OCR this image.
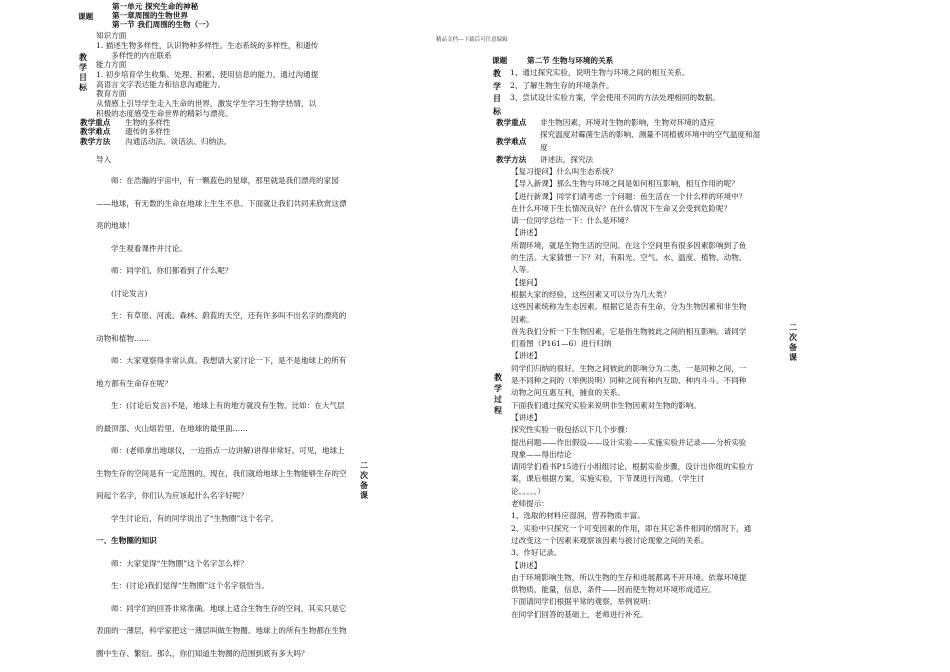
精品文档---下载后可任意编辑
课题
第一单元 探究生命的神秘
第一章周围的生物世界
第一节 我们周围的生物（一）
教学目标
知识方面
1. 描述生物多样性，认识物种多样性。生态系统的多样性，和遗传
多样性的内在联系
能力方面
1. 初步培育学生收集、处理、积累、使用信息的能力，通过沟通提
高语言文字表达能力和信息沟通能力。
教育方面
从情感上引导学生走入生命的世界，激发学生学习生物学热情，以
积极的态度感受生命世界的精彩与漂亮。
教学重点 生物的多样性
教学难点 遗传的多样性
教学方法 沟通活动法、谈话法、归纳法。
导入

师：在浩瀚的宇宙中，有一颗蓝色的星球，那里就是我们漂亮的家园——地球，有无数的生命在地球上生生不息。下面就让我们共同来欣赏这漂亮的地球！

学生观看课件并讨论。

师：同学们，你们都看到了什么呢？

(讨论发言)

生：有草原、河流、森林、蔚蓝的天空，还有许多叫不出名字的漂亮的动物和植物……

师：大家观察得非常认真。我想请大家讨论一下，是不是地球上的所有地方都有生命存在呢？

生：(讨论后发言)不是，地球上有的地方就没有生物。比如：在大气层的最顶部、火山熔岩里、在地球的最里面……

师：(老师拿出地球仪，一边指点一边讲解)讲得非常好。可见，地球上生物生存的空间是有一定范围的。现在，我们就给地球上生物能够生存的空间起个名字，你们认为应该起什么名字好呢？

学生讨论后，有的同学说出了“生物圈”这个名字。

一、生物圈的知识

师：大家觉得“生物圈”这个名字怎么样？

生：(讨论)我们觉得“生物圈”这个名字很恰当。

师：同学们的回答非常准确。地球上适合生物生存的空间，其实只是它表面的一薄层，科学家把这一薄层叫做生物圈。地球上的所有生物都在生物圈中生存、繁衍。那么，你们知道生物圈的范围到底有多大吗？

二次备课
课题	第二节 生物与环境的关系
教学目标
1、通过探究实验，说明生物与环境之间的相互关系。
2、了解生物生存的环境条件。
3、尝试设计实验方案，学会使用不同的方法处理相同的数据。
教学重点 非生物因素，环境对生物的影响，生物对环境的适应
教学难点
探究温度对霉菌生活的影响、测量不同植被环境中的空气温度和湿
度
教学方法 讲述法，探究法
教学过程
【复习提问】什么叫生态系统？
【导入新课】那么生物与环境之间是如何相互影响，相互作用的呢？
【进行新课】同学们请考虑一个问题：鱼生活在一个什么样的环境中？
在什么环境下生长情况良好？在什么情况下生命又会受到危险呢？
请一位同学总结一下：什么是环境？
【讲述】
所谓环境，就是生物生活的空间。在这个空间里有很多因素影响到了鱼
的生活。大家猜想一下？对，有阳光、空气、水、温度、植物、动物、
人等。
【提问】
根据大家的经验，这些因素又可以分为几大类？
这些因素统称为生态因素。根据它是否有生命，分为生物因素和非生物
因素。
首先我们分析一下生物因素，它是指生物彼此之间的相互影响。请同学
们看图（P161—6）进行归纳
【讲述】
同学们归纳的很好。生物之间彼此的影响分为二类，一是同种之间，一
是不同种之间的（举例说明）同种之间有种内互助、种内斗斗。不同种
动物之间互惠互利，捕食的关系。
下面我们通过探究实验来说明非生物因素对生物的影响。
【讲述】
探究性实验一般包括以下几个步骤：
提出问题——作出假设——设计实验——实施实验并记录——分析实验
现象——得出结论
请同学们看书P15进行小组组讨论，根据实验步骤，设计出你组的实验方
案，课后根据方案，实施实验，下节课进行沟通。（学生讨
论。。。。。）
老师提示：
1、选取的材料应湿润，营养物质丰富。
2、实验中只探究一个可变因素的作用，即在其它条件相同的情况下，通
过改变这一个因素来观察该因素与被讨论现象之间的关系。
3、作好记录。
【讲述】
由于环境影响生物，所以生物的生存和进展都离不开环境。依靠环境提
供物质，能量，信息，条件——因而使生物对环境形成适应。
下面请同学们根据平常的观察，举例说明：
在同学们回答的基础上，老师进行补充。
二次备课
